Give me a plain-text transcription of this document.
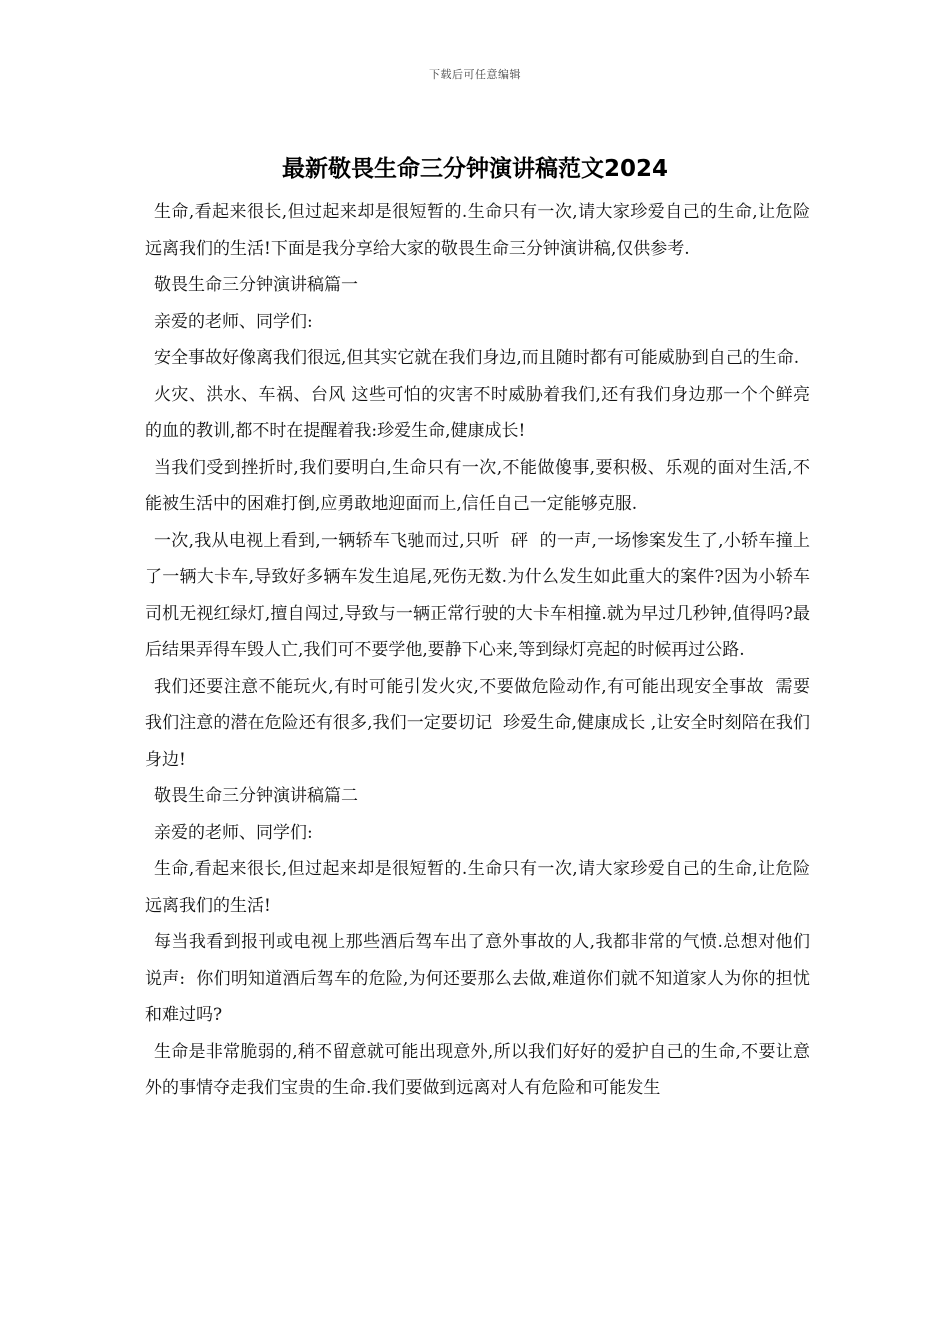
下载后可任意编辑
最新敬畏生命三分钟演讲稿范文2024

生命,看起来很长,但过起来却是很短暂的.生命只有一次,请大家珍爱自己的生命,让危险远离我们的生活!下面是我分享给大家的敬畏生命三分钟演讲稿,仅供参考.

敬畏生命三分钟演讲稿篇一

亲爱的老师、同学们:

安全事故好像离我们很远,但其实它就在我们身边,而且随时都有可能威胁到自己的生命.

火灾、洪水、车祸、台风 这些可怕的灾害不时威胁着我们,还有我们身边那一个个鲜亮的血的教训,都不时在提醒着我:珍爱生命,健康成长!

当我们受到挫折时,我们要明白,生命只有一次,不能做傻事,要积极、乐观的面对生活,不能被生活中的困难打倒,应勇敢地迎面而上,信任自己一定能够克服.

一次,我从电视上看到,一辆轿车飞驰而过,只听  砰  的一声,一场惨案发生了,小轿车撞上了一辆大卡车,导致好多辆车发生追尾,死伤无数.为什么发生如此重大的案件?因为小轿车司机无视红绿灯,擅自闯过,导致与一辆正常行驶的大卡车相撞.就为早过几秒钟,值得吗?最后结果弄得车毁人亡,我们可不要学他,要静下心来,等到绿灯亮起的时候再过公路.

我们还要注意不能玩火,有时可能引发火灾,不要做危险动作,有可能出现安全事故  需要我们注意的潜在危险还有很多,我们一定要切记  珍爱生命,健康成长 ,让安全时刻陪在我们身边!

敬畏生命三分钟演讲稿篇二

亲爱的老师、同学们:

生命,看起来很长,但过起来却是很短暂的.生命只有一次,请大家珍爱自己的生命,让危险远离我们的生活!

每当我看到报刊或电视上那些酒后驾车出了意外事故的人,我都非常的气愤.总想对他们说声:  你们明知道酒后驾车的危险,为何还要那么去做,难道你们就不知道家人为你的担忧和难过吗?

生命是非常脆弱的,稍不留意就可能出现意外,所以我们好好的爱护自己的生命,不要让意外的事情夺走我们宝贵的生命.我们要做到远离对人有危险和可能发生
